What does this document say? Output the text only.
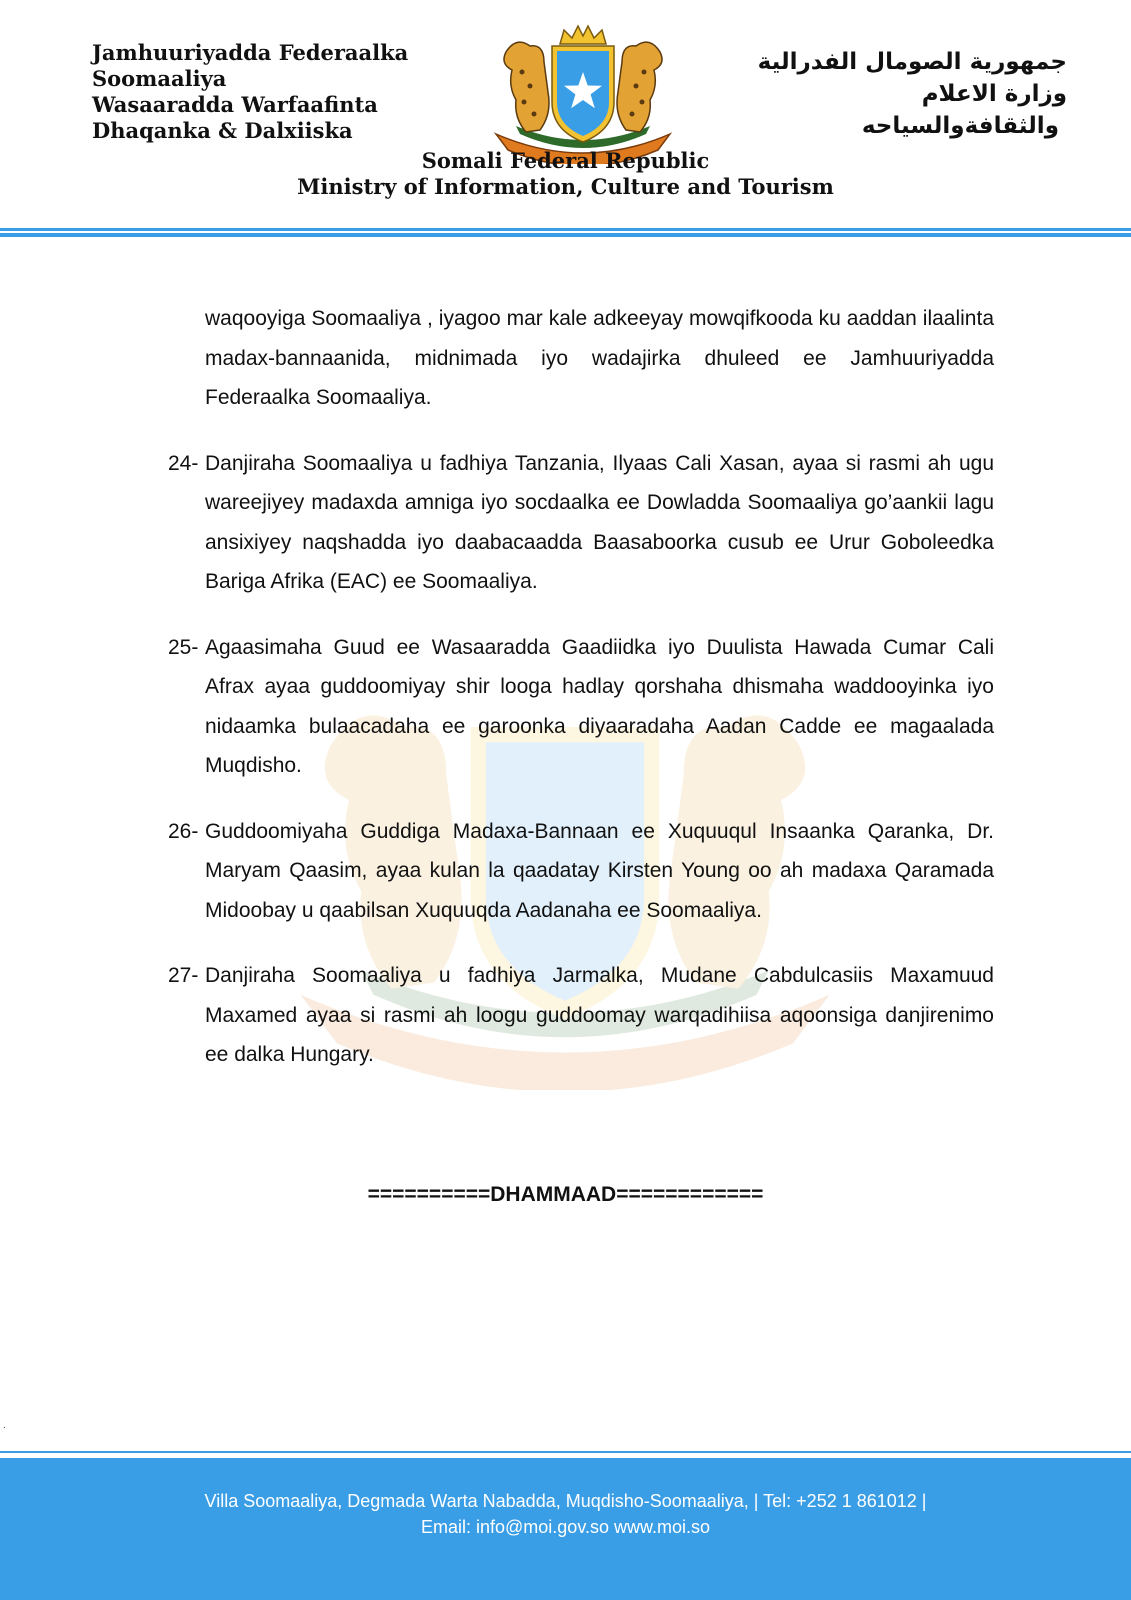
Jamhuuriyadda Federaalka
Soomaaliya
Wasaaradda Warfaafinta
Dhaqanka & Dalxiiska
جمهورية الصومال الفدرالية
وزارة الاعلام
والثقافةوالسياحه
Somali Federal Republic
Ministry of Information, Culture and Tourism
waqooyiga Soomaaliya , iyagoo mar kale adkeeyay mowqifkooda ku aaddan ilaalinta madax-bannaanida, midnimada iyo wadajirka dhuleed ee Jamhuuriyadda Federaalka Soomaaliya.
24- Danjiraha Soomaaliya u fadhiya Tanzania, Ilyaas Cali Xasan, ayaa si rasmi ah ugu wareejiyey madaxda amniga iyo socdaalka ee Dowladda Soomaaliya go’aankii lagu ansixiyey naqshadda iyo daabacaadda Baasaboorka cusub ee Urur Goboleedka Bariga Afrika (EAC) ee Soomaaliya.
25- Agaasimaha Guud ee Wasaaradda Gaadiidka iyo Duulista Hawada Cumar Cali Afrax ayaa guddoomiyay shir looga hadlay qorshaha dhismaha waddooyinka iyo nidaamka bulaacadaha ee garoonka diyaaradaha Aadan Cadde ee magaalada Muqdisho.
26- Guddoomiyaha Guddiga Madaxa-Bannaan ee Xuquuqul Insaanka Qaranka, Dr. Maryam Qaasim, ayaa kulan la qaadatay Kirsten Young oo ah madaxa Qaramada Midoobay u qaabilsan Xuquuqda Aadanaha ee Soomaaliya.
27- Danjiraha Soomaaliya u fadhiya Jarmalka, Mudane Cabdulcasiis Maxamuud Maxamed ayaa si rasmi ah loogu guddoomay warqadihiisa aqoonsiga danjirenimo ee dalka Hungary.
==========DHAMMAAD============
.
Villa Soomaaliya, Degmada Warta Nabadda, Muqdisho-Soomaaliya, | Tel: +252 1 861012 |
Email: info@moi.gov.so www.moi.so
